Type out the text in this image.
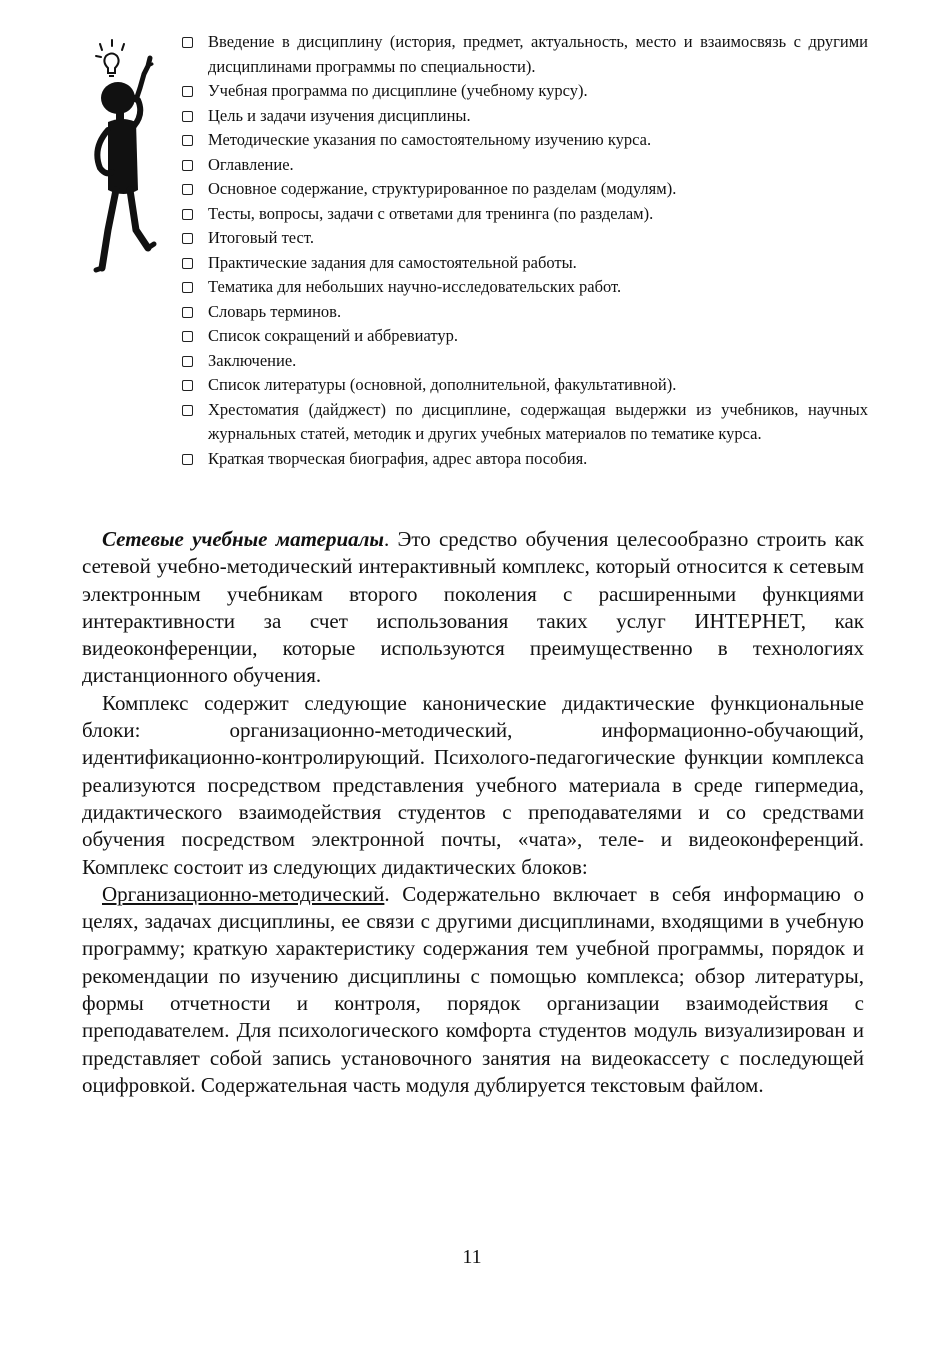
Введение в дисциплину (история, предмет, актуальность, место и взаимосвязь с другими дисциплинами программы по специальности).
Учебная программа по дисциплине (учебному курсу).
Цель и задачи изучения дисциплины.
Методические указания по самостоятельному изучению курса.
Оглавление.
Основное содержание, структурированное по разделам (модулям).
Тесты, вопросы, задачи с ответами для тренинга (по разделам).
Итоговый тест.
Практические задания для самостоятельной работы.
Тематика для небольших научно-исследовательских работ.
Словарь терминов.
Список сокращений и аббревиатур.
Заключение.
Список литературы (основной, дополнительной, факультативной).
Хрестоматия (дайджест) по дисциплине, содержащая выдержки из учебников, научных журнальных статей, методик и других учебных материалов по тематике курса.
Краткая творческая биография, адрес автора пособия.

Сетевые учебные материалы. Это средство обучения целесообразно строить как сетевой учебно-методический интерактивный комплекс, который относится к сетевым электронным учебникам второго поколения с расширенными функциями интерактивности за счет использования таких услуг ИНТЕРНЕТ, как видеоконференции, которые используются преимущественно в технологиях дистанционного обучения.

Комплекс содержит следующие канонические дидактические функциональные блоки: организационно-методический, информационно-обучающий, идентификационно-контролирующий. Психолого-педагогические функции комплекса реализуются посредством представления учебного материала в среде гипермедиа, дидактического взаимодействия студентов с преподавателями и со средствами обучения посредством электронной почты, «чата», теле- и видеоконференций. Комплекс состоит из следующих дидактических блоков:

Организационно-методический. Содержательно включает в себя информацию о целях, задачах дисциплины, ее связи с другими дисциплинами, входящими в учебную программу; краткую характеристику содержания тем учебной программы, порядок и рекомендации по изучению дисциплины с помощью комплекса; обзор литературы, формы отчетности и контроля, порядок организации взаимодействия с преподавателем. Для психологического комфорта студентов модуль визуализирован и представляет собой запись установочного занятия на видеокассету с последующей оцифровкой. Содержательная часть модуля дублируется текстовым файлом.

11
